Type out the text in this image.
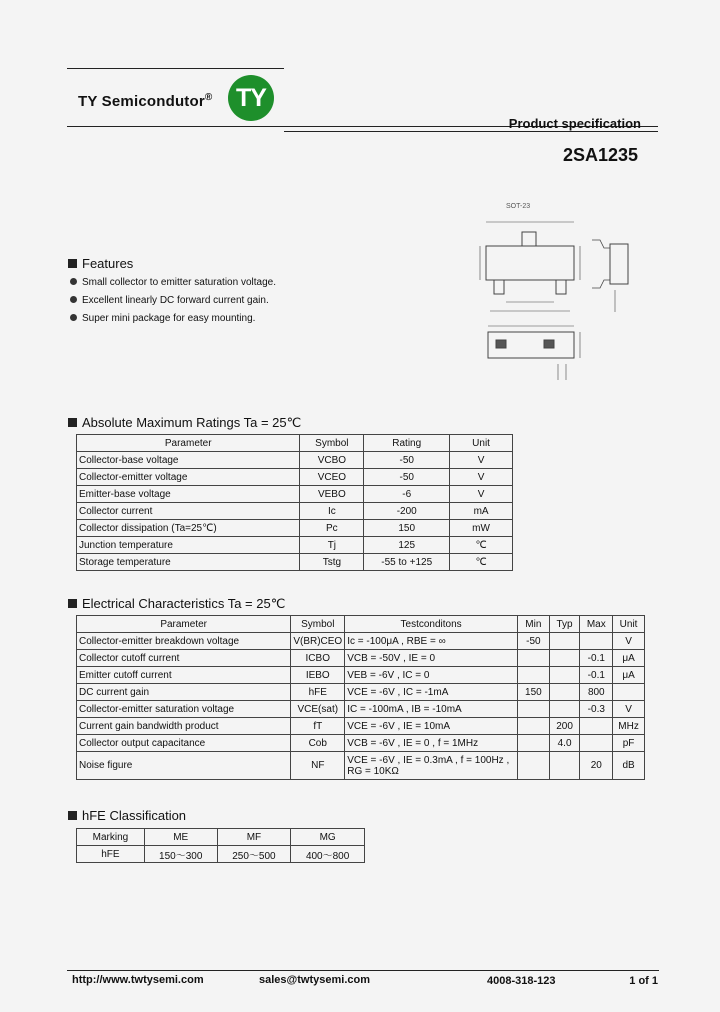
TY Semicondutor® TY
Product specification
2SA1235
SOT-23
Features
Small collector to emitter saturation voltage.
Excellent linearly DC forward current gain.
Super mini package for easy mounting.
Absolute Maximum Ratings Ta = 25℃
Parameter	Symbol	Rating	Unit
Collector-base voltage	VCBO	-50	V
Collector-emitter voltage	VCEO	-50	V
Emitter-base voltage	VEBO	-6	V
Collector current	Ic	-200	mA
Collector dissipation (Ta=25℃)	Pc	150	mW
Junction temperature	Tj	125	℃
Storage temperature	Tstg	-55 to +125	℃
Electrical Characteristics Ta = 25℃
Parameter	Symbol	Testconditons	Min	Typ	Max	Unit
Collector-emitter breakdown voltage	V(BR)CEO	Ic = -100μA , RBE = ∞	-50			V
Collector cutoff current	ICBO	VCB = -50V , IE = 0			-0.1	μA
Emitter cutoff current	IEBO	VEB = -6V , IC = 0			-0.1	μA
DC current gain	hFE	VCE = -6V , IC = -1mA	150		800	
Collector-emitter saturation voltage	VCE(sat)	IC = -100mA , IB = -10mA			-0.3	V
Current gain bandwidth product	fT	VCE = -6V , IE = 10mA		200		MHz
Collector output capacitance	Cob	VCB = -6V , IE = 0 , f = 1MHz		4.0		pF
Noise figure	NF	VCE = -6V , IE = 0.3mA , f = 100Hz , RG = 10KΩ			20	dB
hFE Classification
Marking	ME	MF	MG
hFE	150～300	250～500	400～800
http://www.twtysemi.com	sales@twtysemi.com	4008-318-123	1 of 1
